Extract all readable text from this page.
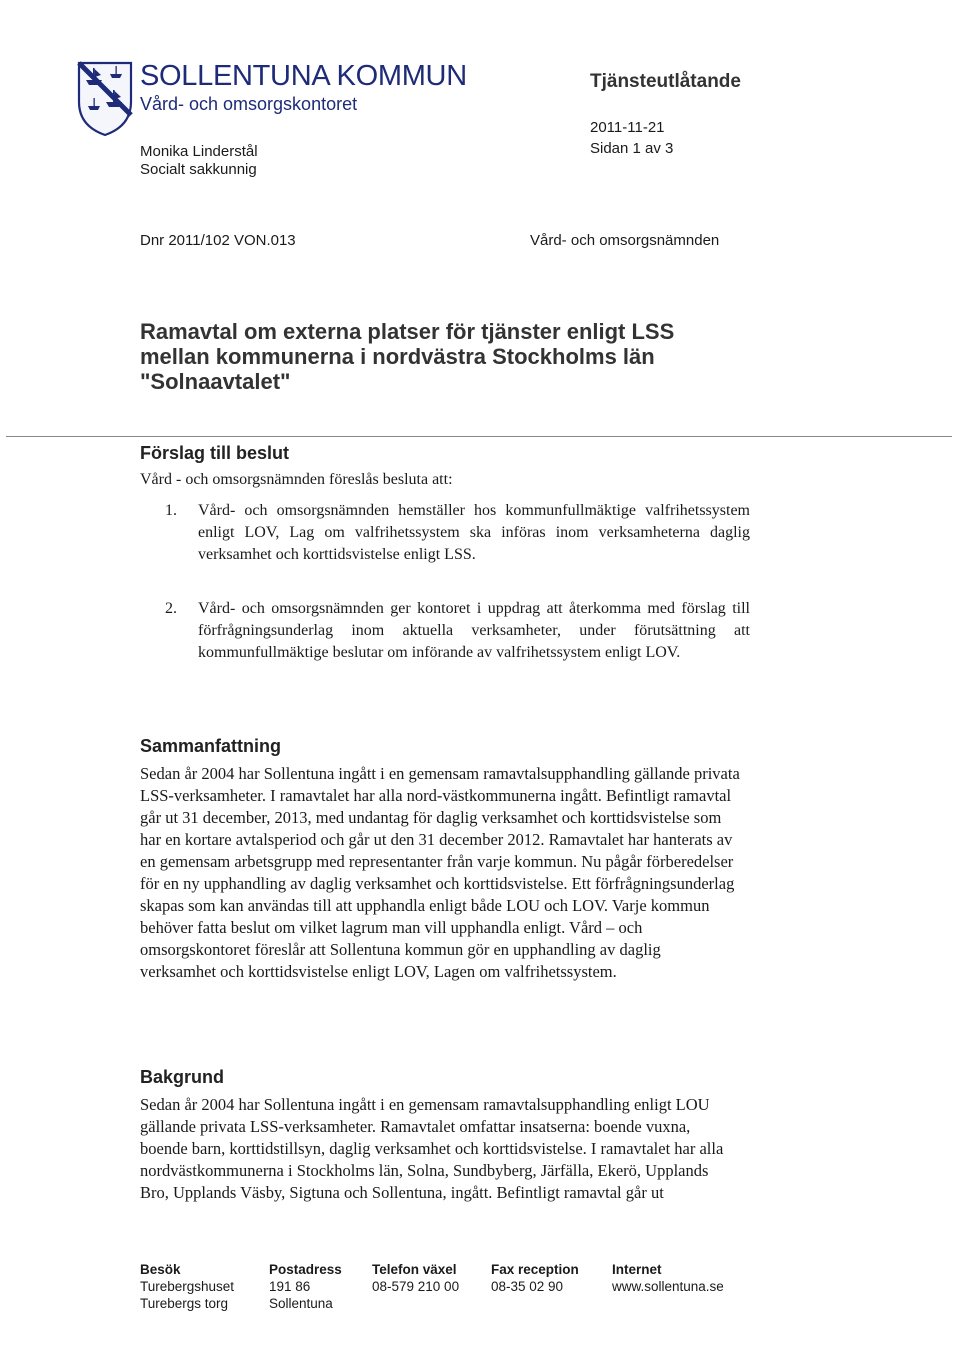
SOLLENTUNA KOMMUN
Vård- och omsorgskontoret
Monika Linderstål
Socialt sakkunnig
Tjänsteutlåtande
2011-11-21
Sidan 1 av 3
Dnr 2011/102 VON.013	Vård- och omsorgsnämnden
Ramavtal om externa platser för tjänster enligt LSS
mellan kommunerna i nordvästra Stockholms län
"Solnaavtalet"
Förslag till beslut
Vård - och omsorgsnämnden föreslås besluta att:
1. Vård- och omsorgsnämnden hemställer hos kommunfullmäktige valfrihetssystem enligt LOV, Lag om valfrihetssystem ska införas inom verksamheterna daglig verksamhet och korttidsvistelse enligt LSS.
2. Vård- och omsorgsnämnden ger kontoret i uppdrag att återkomma med förslag till förfrågningsunderlag inom aktuella verksamheter, under förutsättning att kommunfullmäktige beslutar om införande av valfrihetssystem enligt LOV.
Sammanfattning
Sedan år 2004 har Sollentuna ingått i en gemensam ramavtalsupphandling gällande privata LSS-verksamheter. I ramavtalet har alla nord-västkommunerna ingått. Befintligt ramavtal går ut 31 december, 2013, med undantag för daglig verksamhet och korttidsvistelse som har en kortare avtalsperiod och går ut den 31 december 2012. Ramavtalet har hanterats av en gemensam arbetsgrupp med representanter från varje kommun. Nu pågår förberedelser för en ny upphandling av daglig verksamhet och korttidsvistelse. Ett förfrågningsunderlag skapas som kan användas till att upphandla enligt både LOU och LOV. Varje kommun behöver fatta beslut om vilket lagrum man vill upphandla enligt. Vård – och omsorgskontoret föreslår att Sollentuna kommun gör en upphandling av daglig verksamhet och korttidsvistelse enligt LOV, Lagen om valfrihetssystem.
Bakgrund
Sedan år 2004 har Sollentuna ingått i en gemensam ramavtalsupphandling enligt LOU gällande privata LSS-verksamheter. Ramavtalet omfattar insatserna: boende vuxna, boende barn, korttidstillsyn, daglig verksamhet och korttidsvistelse. I ramavtalet har alla nordvästkommunerna i Stockholms län, Solna, Sundbyberg, Järfälla, Ekerö, Upplands Bro, Upplands Väsby, Sigtuna och Sollentuna, ingått. Befintligt ramavtal går ut
Besök
Turebergshuset
Turebergs torg
Postadress
191 86
Sollentuna
Telefon växel
08-579 210 00
Fax reception
08-35 02 90
Internet
www.sollentuna.se
